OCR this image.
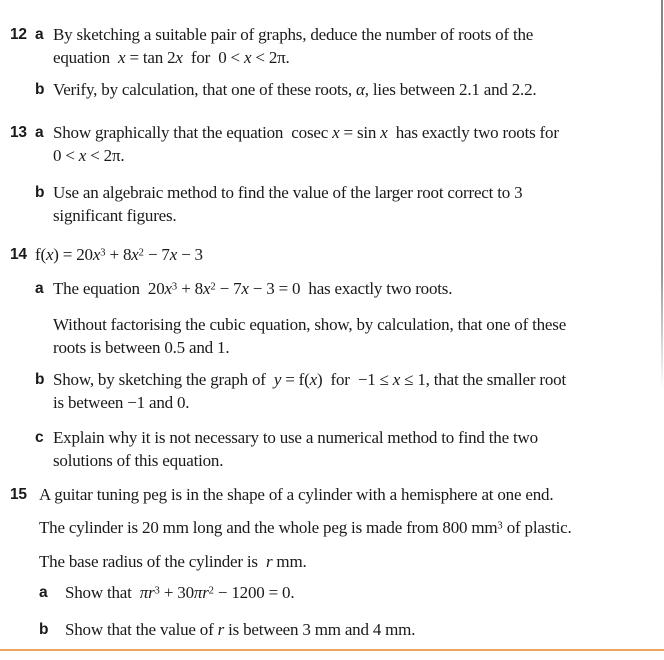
12 a By sketching a suitable pair of graphs, deduce the number of roots of the
equation  x = tan 2x  for  0 < x < 2π.
b Verify, by calculation, that one of these roots, α, lies between 2.1 and 2.2.
13 a Show graphically that the equation  cosec x = sin x  has exactly two roots for
0 < x < 2π.
b Use an algebraic method to find the value of the larger root correct to 3
significant figures.
14 $f(x) = 20x^3 + 8x^2 - 7x - 3$
a The equation  $20x^3 + 8x^2 - 7x - 3 = 0$  has exactly two roots.
Without factorising the cubic equation, show, by calculation, that one of these
roots is between 0.5 and 1.
b Show, by sketching the graph of  y = f(x)  for  −1 ≤ x ≤ 1, that the smaller root
is between −1 and 0.
c Explain why it is not necessary to use a numerical method to find the two
solutions of this equation.
15 A guitar tuning peg is in the shape of a cylinder with a hemisphere at one end.
The cylinder is 20 mm long and the whole peg is made from 800 $mm^3$ of plastic.
The base radius of the cylinder is  r mm.
a	Show that  $\pi r^3 + 30\pi r^2 - 1200 = 0$.
b Show that the value of r is between 3 mm and 4 mm.
